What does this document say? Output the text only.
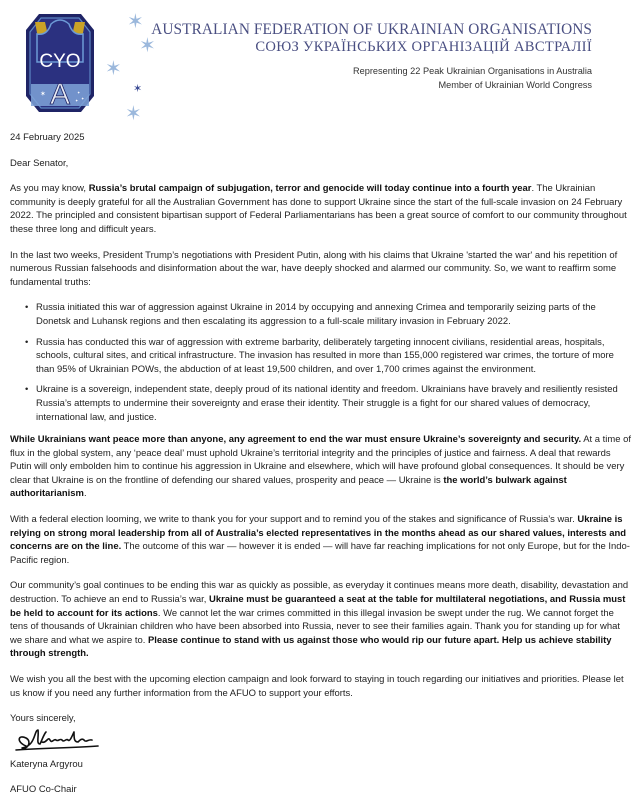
CYO
A
✶	✦
✦
✦
✶
✶
✶
✶
✶
AUSTRALIAN FEDERATION OF UKRAINIAN ORGANISATIONS
СОЮЗ УКРАЇНСЬКИХ ОРГАНІЗАЦІЙ АВСТРАЛІЇ
Representing 22 Peak Ukrainian Organisations in Australia
Member of Ukrainian World Congress

24 February 2025

Dear Senator,

As you may know, Russia’s brutal campaign of subjugation, terror and genocide will today continue into a fourth year. The Ukrainian community is deeply grateful for all the Australian Government has done to support Ukraine since the start of the full-scale invasion on 24 February 2022. The principled and consistent bipartisan support of Federal Parliamentarians has been a great source of comfort to our community throughout these three long and difficult years.

In the last two weeks, President Trump’s negotiations with President Putin, along with his claims that Ukraine 'started the war' and his repetition of numerous Russian falsehoods and disinformation about the war, have deeply shocked and alarmed our community. So, we want to reaffirm some fundamental truths:

• Russia initiated this war of aggression against Ukraine in 2014 by occupying and annexing Crimea and temporarily seizing parts of the Donetsk and Luhansk regions and then escalating its aggression to a full-scale military invasion in February 2022.
• Russia has conducted this war of aggression with extreme barbarity, deliberately targeting innocent civilians, residential areas, hospitals, schools, cultural sites, and critical infrastructure. The invasion has resulted in more than 155,000 registered war crimes, the torture of more than 95% of Ukrainian POWs, the abduction of at least 19,500 children, and over 1,700 crimes against the environment.
• Ukraine is a sovereign, independent state, deeply proud of its national identity and freedom. Ukrainians have bravely and resiliently resisted Russia’s attempts to undermine their sovereignty and erase their identity. Their struggle is a fight for our shared values of democracy, international law, and justice.

While Ukrainians want peace more than anyone, any agreement to end the war must ensure Ukraine’s sovereignty and security. At a time of flux in the global system, any ‘peace deal’ must uphold Ukraine’s territorial integrity and the principles of justice and fairness. A deal that rewards Putin will only embolden him to continue his aggression in Ukraine and elsewhere, which will have profound global consequences. It should be very clear that Ukraine is on the frontline of defending our shared values, prosperity and peace — Ukraine is the world’s bulwark against authoritarianism.

With a federal election looming, we write to thank you for your support and to remind you of the stakes and significance of Russia’s war. Ukraine is relying on strong moral leadership from all of Australia’s elected representatives in the months ahead as our shared values, interests and concerns are on the line. The outcome of this war — however it is ended — will have far reaching implications for not only Europe, but for the Indo-Pacific region.

Our community’s goal continues to be ending this war as quickly as possible, as everyday it continues means more death, disability, devastation and destruction. To achieve an end to Russia’s war, Ukraine must be guaranteed a seat at the table for multilateral negotiations, and Russia must be held to account for its actions. We cannot let the war crimes committed in this illegal invasion be swept under the rug. We cannot forget the tens of thousands of Ukrainian children who have been absorbed into Russia, never to see their families again. Thank you for standing up for what we share and what we aspire to. Please continue to stand with us against those who would rip our future apart. Help us achieve stability through strength.

We wish you all the best with the upcoming election campaign and look forward to staying in touch regarding our initiatives and priorities. Please let us know if you need any further information from the AFUO to support your efforts.

Yours sincerely,

Kateryna Argyrou

AFUO Co-Chair
